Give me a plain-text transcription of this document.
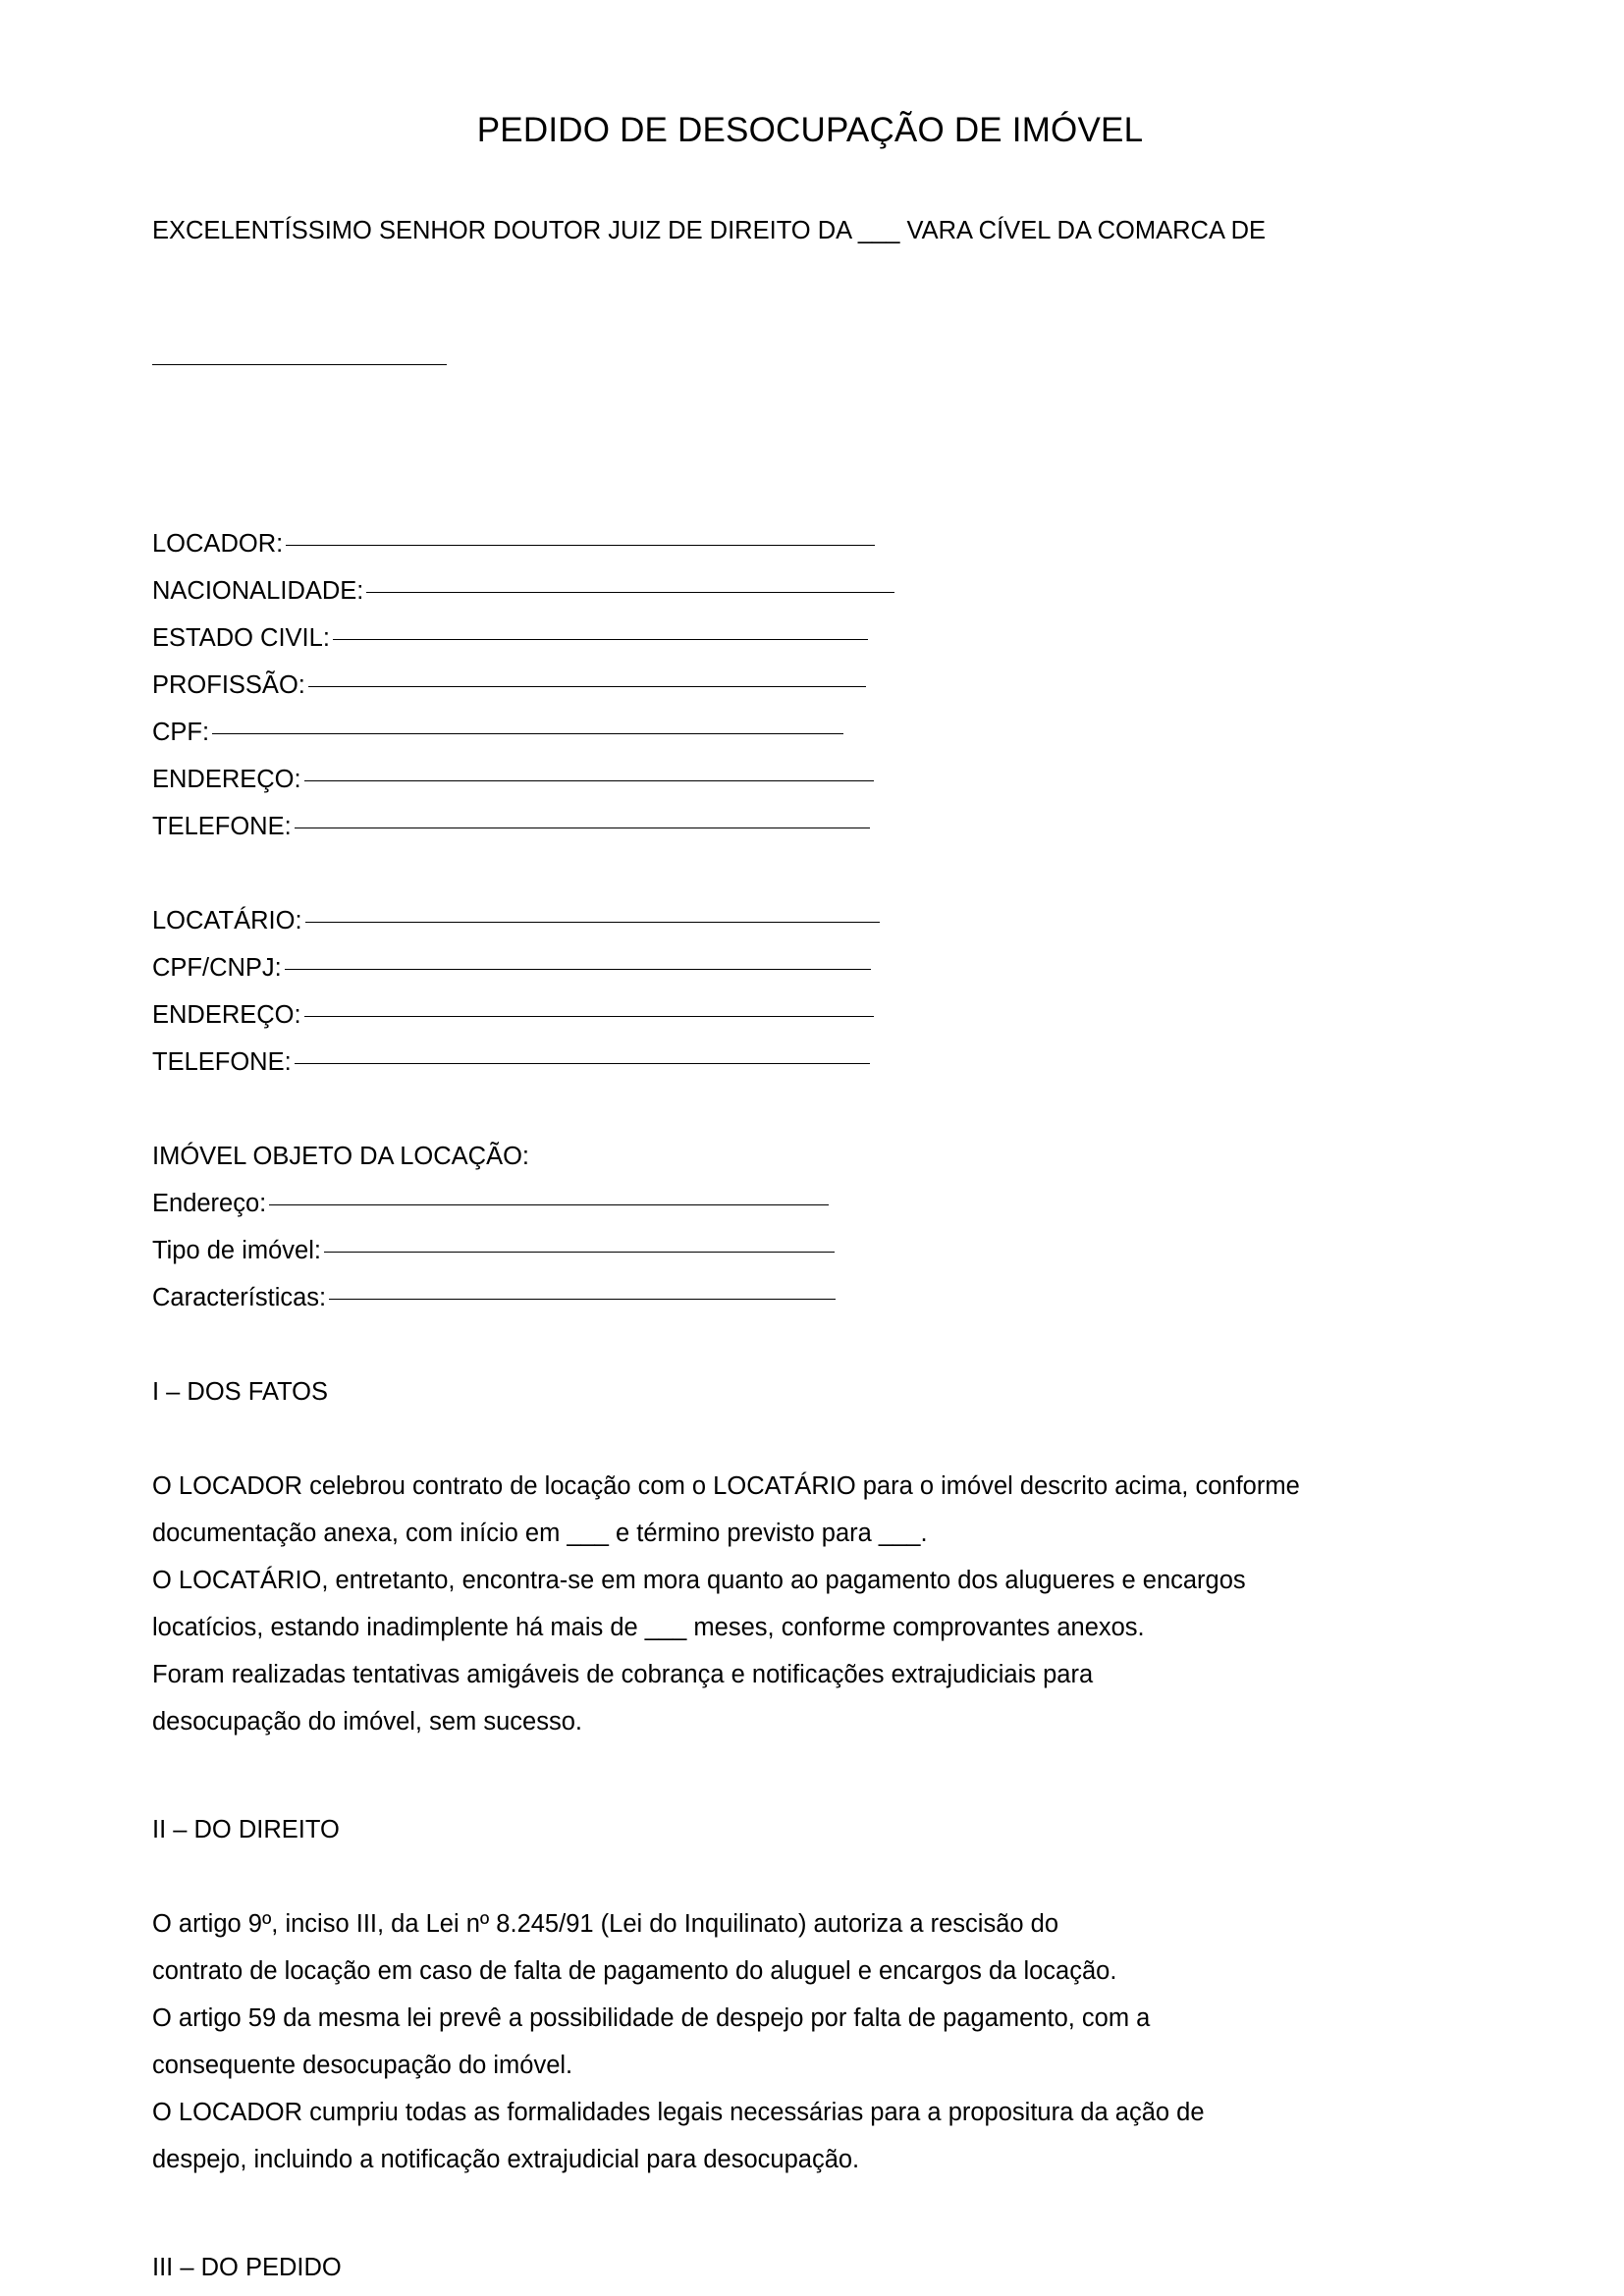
PEDIDO DE DESOCUPAÇÃO DE IMÓVEL
EXCELENTÍSSIMO SENHOR DOUTOR JUIZ DE DIREITO DA ___ VARA CÍVEL DA COMARCA DE

LOCADOR:
NACIONALIDADE:
ESTADO CIVIL:
PROFISSÃO:
CPF:
ENDEREÇO:
TELEFONE:
LOCATÁRIO:
CPF/CNPJ:
ENDEREÇO:
TELEFONE:
IMÓVEL OBJETO DA LOCAÇÃO:
Endereço:
Tipo de imóvel:
Características:
I – DOS FATOS
O LOCADOR celebrou contrato de locação com o LOCATÁRIO para o imóvel descrito acima, conforme
documentação anexa, com início em ___ e término previsto para ___.
O LOCATÁRIO, entretanto, encontra-se em mora quanto ao pagamento dos alugueres e encargos
locatícios, estando inadimplente há mais de ___ meses, conforme comprovantes anexos.
Foram realizadas tentativas amigáveis de cobrança e notificações extrajudiciais para
desocupação do imóvel, sem sucesso.
II – DO DIREITO
O artigo 9º, inciso III, da Lei nº 8.245/91 (Lei do Inquilinato) autoriza a rescisão do
contrato de locação em caso de falta de pagamento do aluguel e encargos da locação.
O artigo 59 da mesma lei prevê a possibilidade de despejo por falta de pagamento, com a
consequente desocupação do imóvel.
O LOCADOR cumpriu todas as formalidades legais necessárias para a propositura da ação de
despejo, incluindo a notificação extrajudicial para desocupação.
III – DO PEDIDO
